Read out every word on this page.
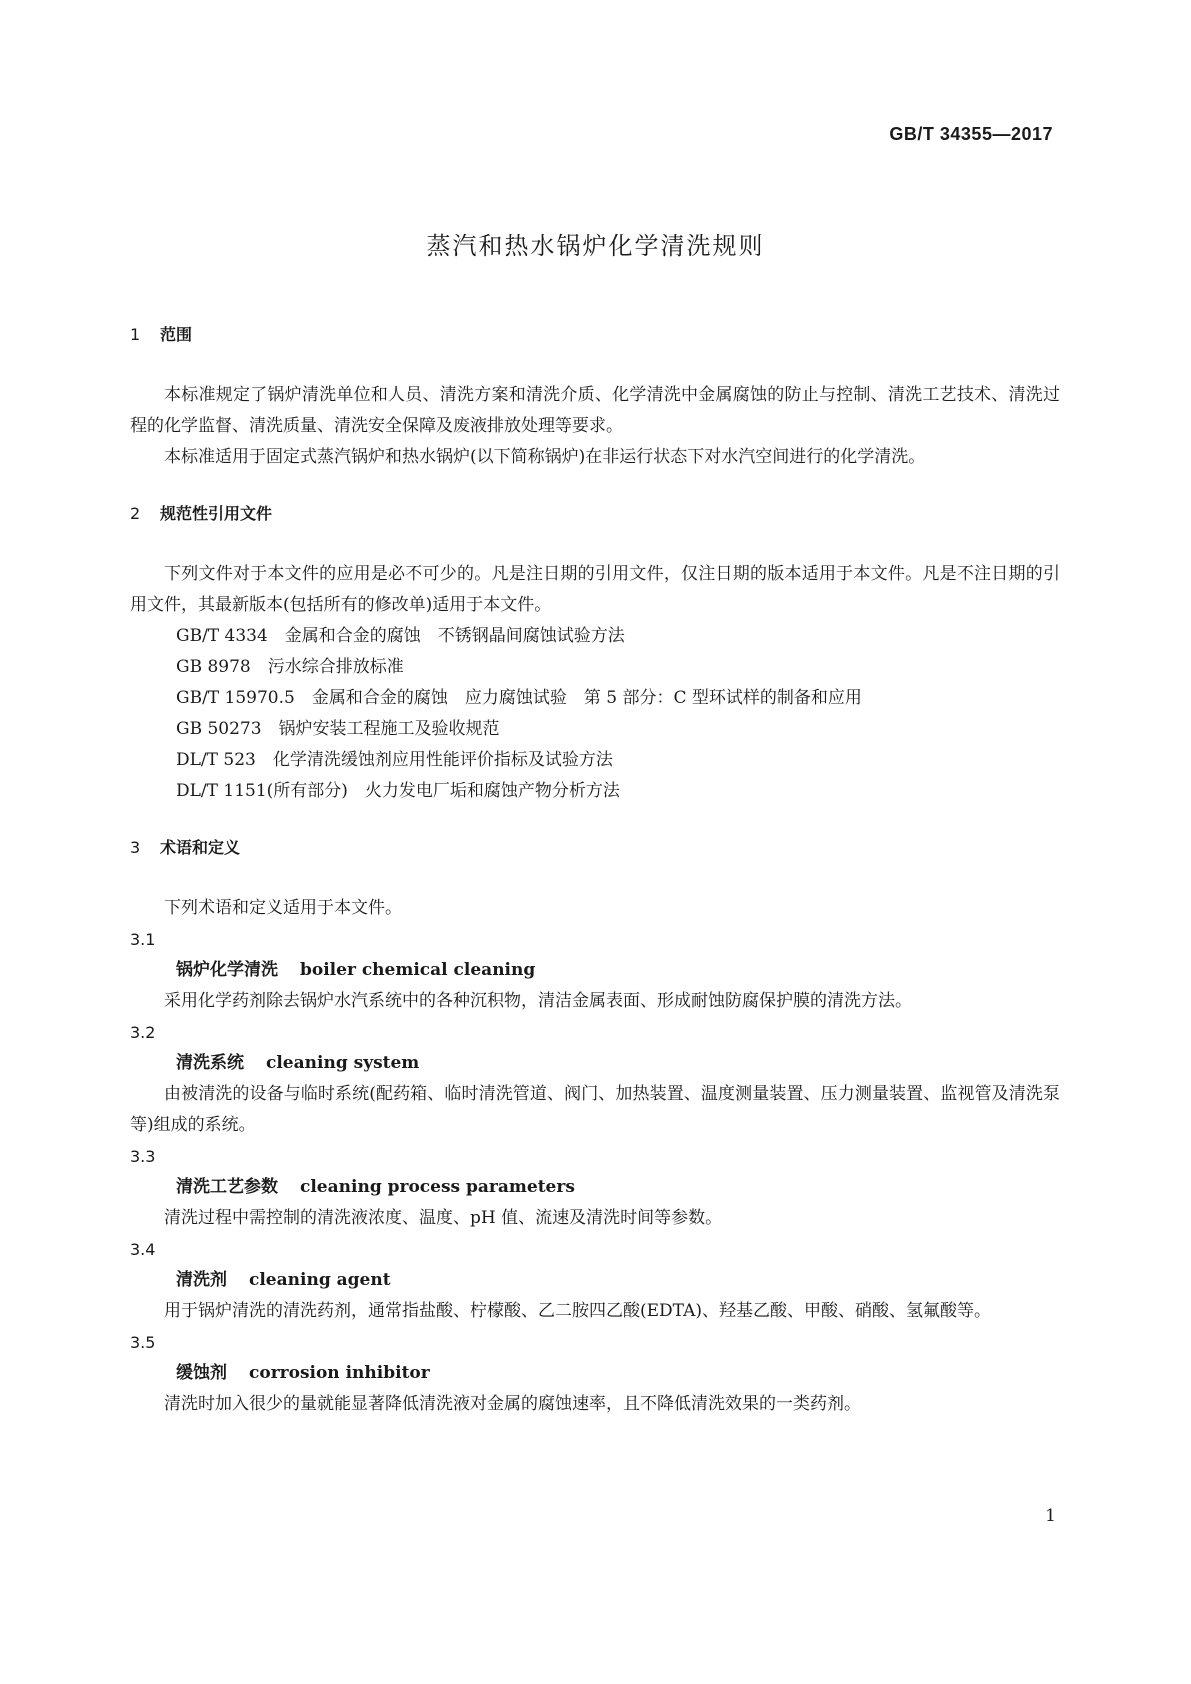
GB/T 34355—2017
蒸汽和热水锅炉化学清洗规则
1 范围

本标准规定了锅炉清洗单位和人员、清洗方案和清洗介质、化学清洗中金属腐蚀的防止与控制、清洗工艺技术、清洗过程的化学监督、清洗质量、清洗安全保障及废液排放处理等要求。

本标准适用于固定式蒸汽锅炉和热水锅炉(以下简称锅炉)在非运行状态下对水汽空间进行的化学清洗。

2 规范性引用文件

下列文件对于本文件的应用是必不可少的。凡是注日期的引用文件，仅注日期的版本适用于本文件。凡是不注日期的引用文件，其最新版本(包括所有的修改单)适用于本文件。

GB/T 4334　金属和合金的腐蚀　不锈钢晶间腐蚀试验方法

GB 8978　污水综合排放标准

GB/T 15970.5　金属和合金的腐蚀　应力腐蚀试验　第 5 部分：C 型环试样的制备和应用

GB 50273　锅炉安装工程施工及验收规范

DL/T 523　化学清洗缓蚀剂应用性能评价指标及试验方法

DL/T 1151(所有部分)　火力发电厂垢和腐蚀产物分析方法

3 术语和定义

下列术语和定义适用于本文件。

3.1

锅炉化学清洗 boiler chemical cleaning

采用化学药剂除去锅炉水汽系统中的各种沉积物，清洁金属表面、形成耐蚀防腐保护膜的清洗方法。

3.2

清洗系统 cleaning system

由被清洗的设备与临时系统(配药箱、临时清洗管道、阀门、加热装置、温度测量装置、压力测量装置、监视管及清洗泵等)组成的系统。

3.3

清洗工艺参数 cleaning process parameters

清洗过程中需控制的清洗液浓度、温度、pH 值、流速及清洗时间等参数。

3.4

清洗剂 cleaning agent

用于锅炉清洗的清洗药剂，通常指盐酸、柠檬酸、乙二胺四乙酸(EDTA)、羟基乙酸、甲酸、硝酸、氢氟酸等。

3.5

缓蚀剂 corrosion inhibitor

清洗时加入很少的量就能显著降低清洗液对金属的腐蚀速率，且不降低清洗效果的一类药剂。

1
